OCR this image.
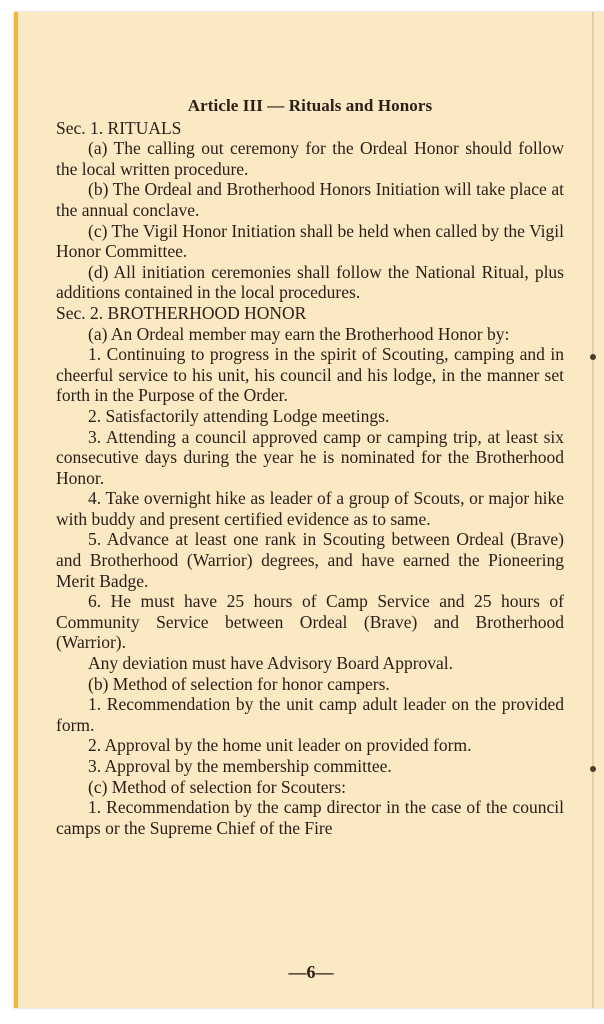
Article III — Rituals and Honors

Sec. 1. RITUALS

(a) The calling out ceremony for the Ordeal Honor should follow the local written procedure.

(b) The Ordeal and Brotherhood Honors Initiation will take place at the annual conclave.

(c) The Vigil Honor Initiation shall be held when called by the Vigil Honor Committee.

(d) All initiation ceremonies shall follow the National Ritual, plus additions contained in the local procedures.

Sec. 2. BROTHERHOOD HONOR

(a) An Ordeal member may earn the Brotherhood Honor by:

1. Continuing to progress in the spirit of Scouting, camping and in cheerful service to his unit, his council and his lodge, in the manner set forth in the Purpose of the Order.

2. Satisfactorily attending Lodge meetings.

3. Attending a council approved camp or camping trip, at least six consecutive days during the year he is nominated for the Brotherhood Honor.

4. Take overnight hike as leader of a group of Scouts, or major hike with buddy and present certified evidence as to same.

5. Advance at least one rank in Scouting between Ordeal (Brave) and Brotherhood (Warrior) degrees, and have earned the Pioneering Merit Badge.

6. He must have 25 hours of Camp Service and 25 hours of Community Service between Ordeal (Brave) and Brotherhood (Warrior).

Any deviation must have Advisory Board Approval.

(b) Method of selection for honor campers.

1. Recommendation by the unit camp adult leader on the provided form.

2. Approval by the home unit leader on provided form.

3. Approval by the membership committee.

(c) Method of selection for Scouters:

1. Recommendation by the camp director in the case of the council camps or the Supreme Chief of the Fire

—6—
